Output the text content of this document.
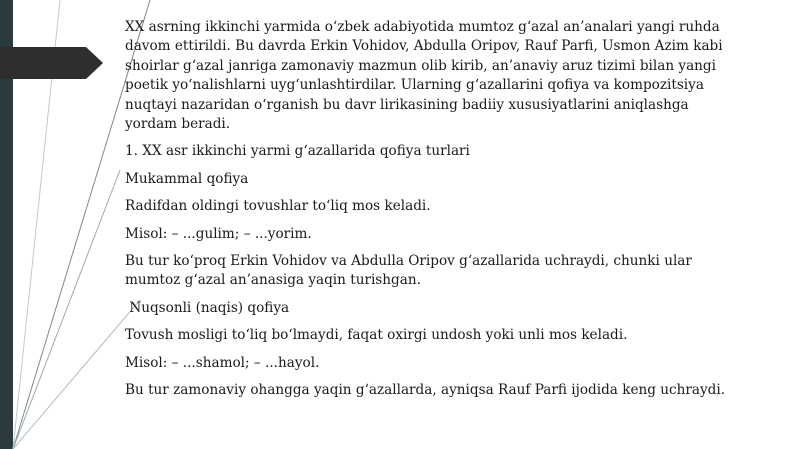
XX asrning ikkinchi yarmida oʻzbek adabiyotida mumtoz gʻazal an’analari yangi ruhda

davom ettirildi. Bu davrda Erkin Vohidov, Abdulla Oripov, Rauf Parfi, Usmon Azim kabi

shoirlar gʻazal janriga zamonaviy mazmun olib kirib, an’anaviy aruz tizimi bilan yangi

poetik yoʻnalishlarni uygʻunlashtirdilar. Ularning gʻazallarini qofiya va kompozitsiya

nuqtayi nazaridan oʻrganish bu davr lirikasining badiiy xususiyatlarini aniqlashga

yordam beradi.

1. XX asr ikkinchi yarmi gʻazallarida qofiya turlari

Mukammal qofiya

Radifdan oldingi tovushlar toʻliq mos keladi.

Misol: – ...gulim; – ...yorim.

Bu tur koʻproq Erkin Vohidov va Abdulla Oripov gʻazallarida uchraydi, chunki ular

mumtoz gʻazal an’anasiga yaqin turishgan.

Nuqsonli (naqis) qofiya

Tovush mosligi toʻliq boʻlmaydi, faqat oxirgi undosh yoki unli mos keladi.

Misol: – ...shamol; – ...hayol.

Bu tur zamonaviy ohangga yaqin gʻazallarda, ayniqsa Rauf Parfi ijodida keng uchraydi.
